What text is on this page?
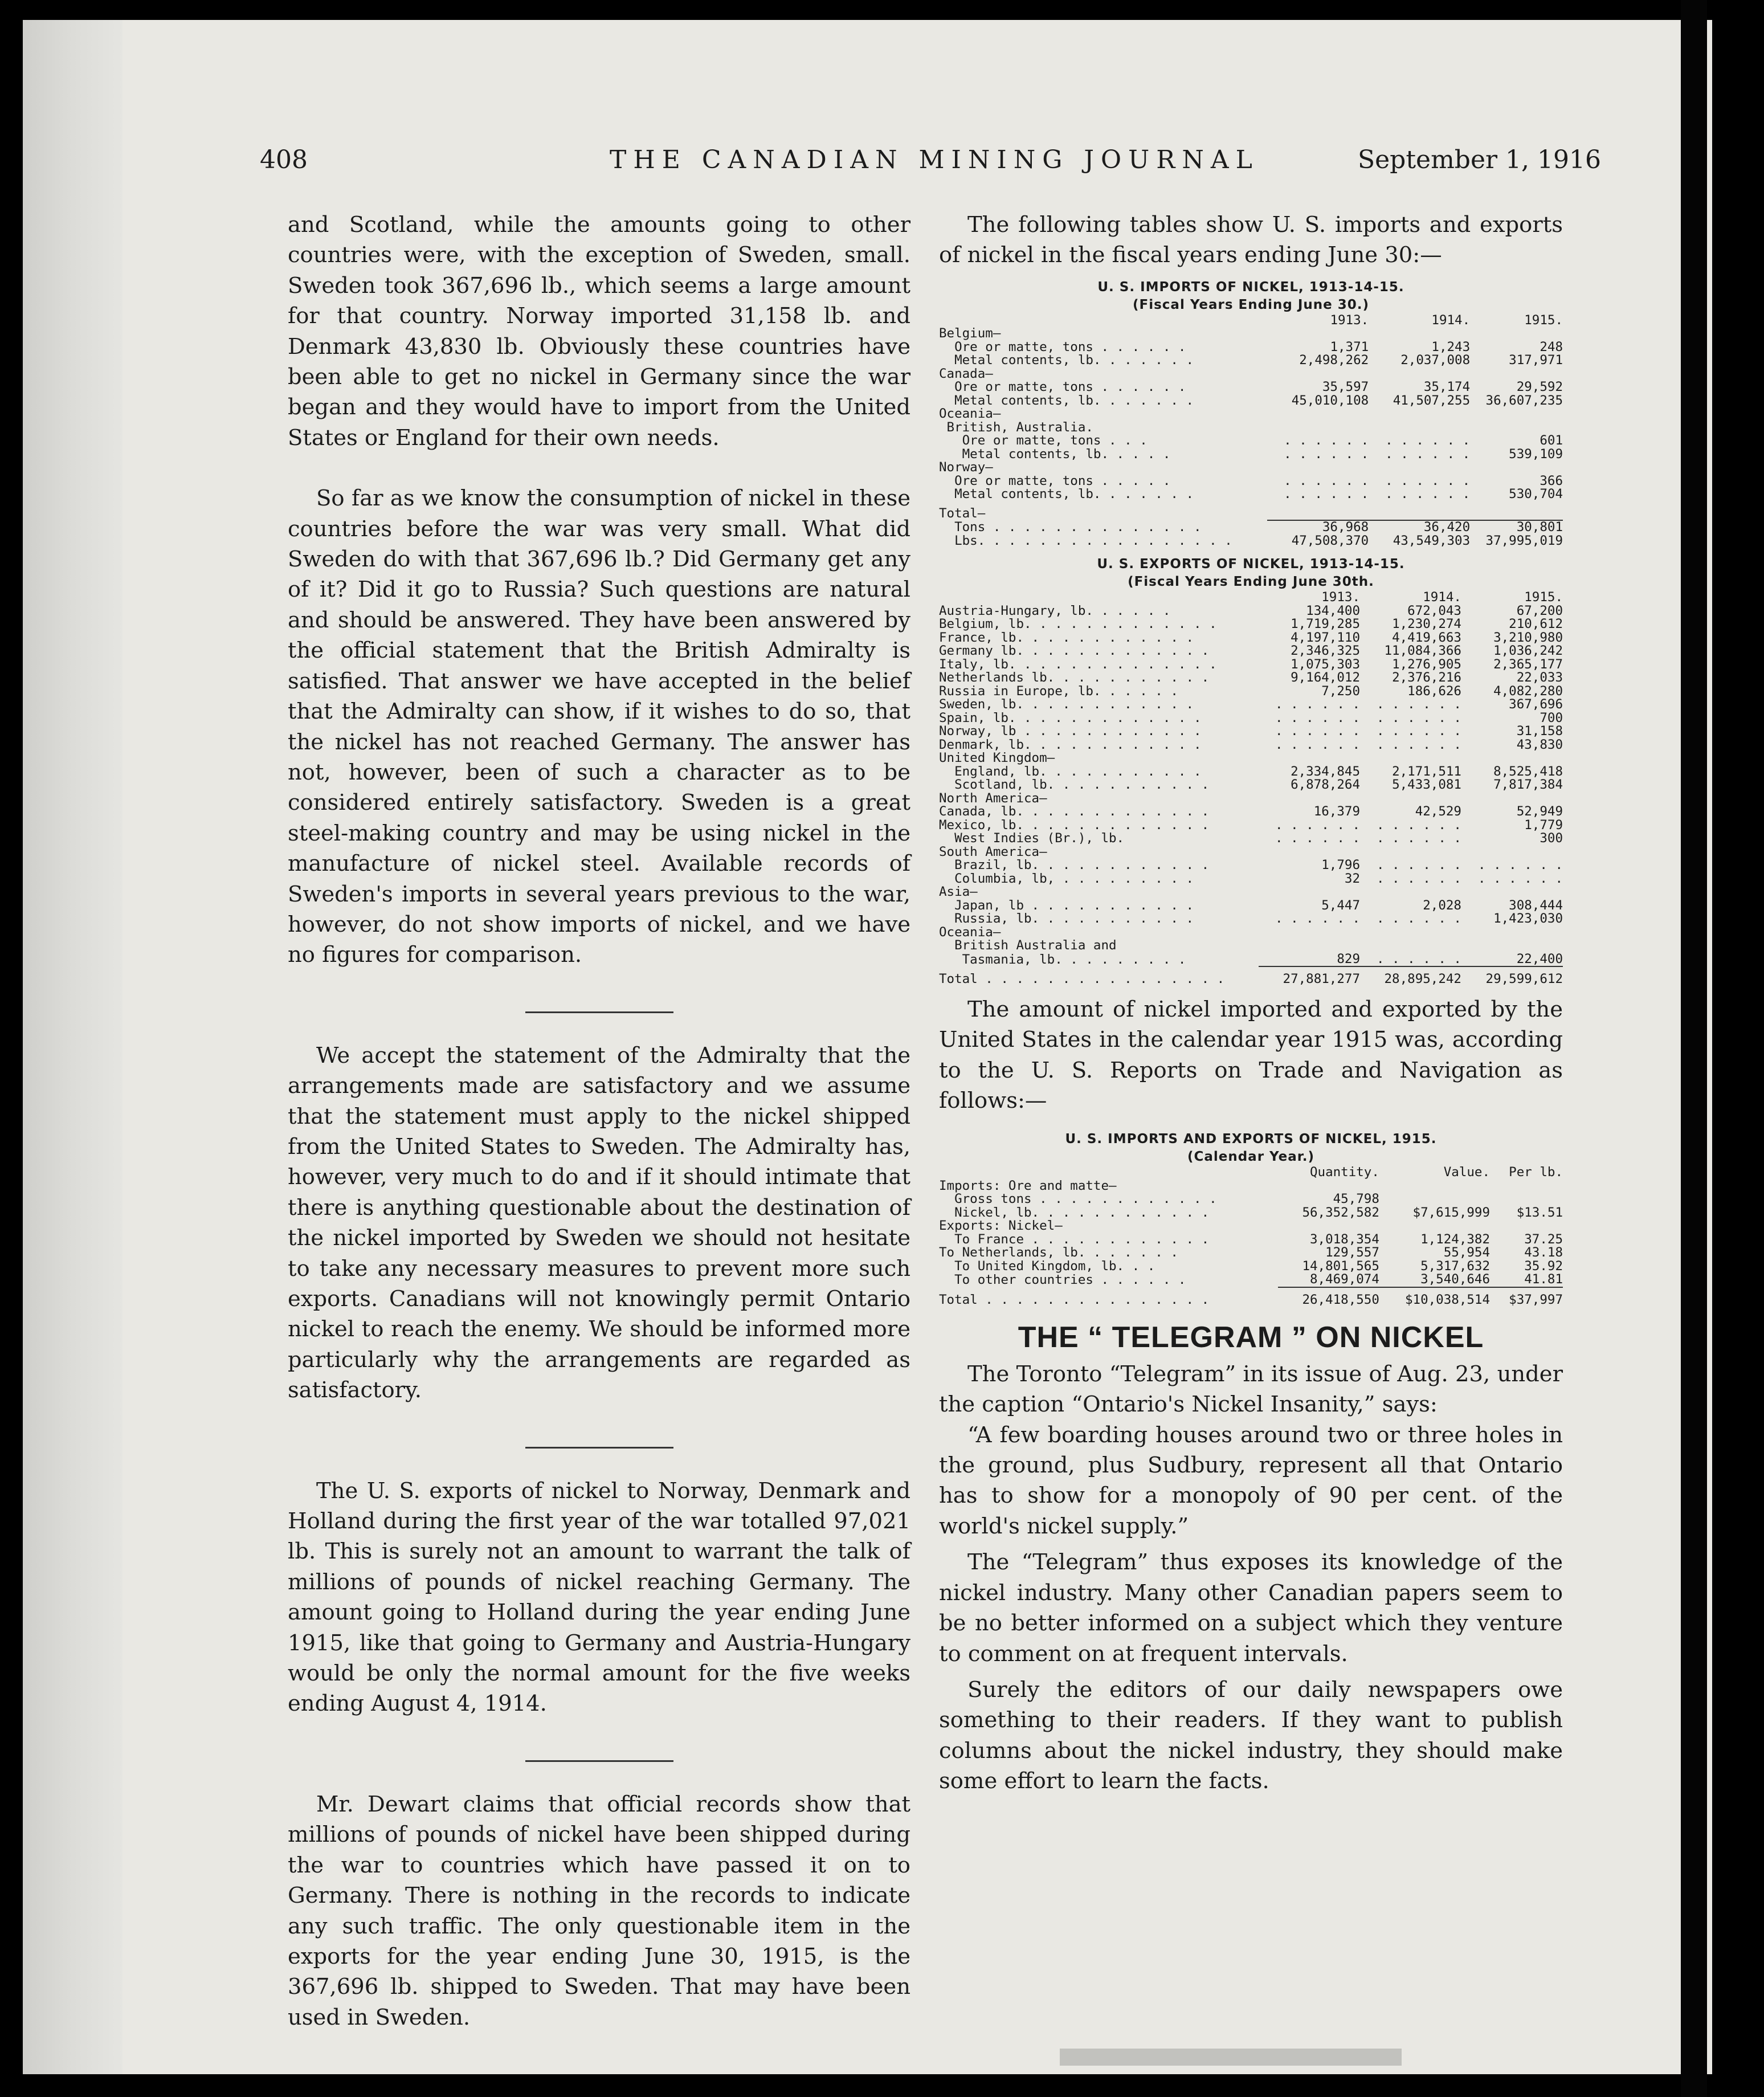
408	THE CANADIAN MINING JOURNAL	September 1, 1916

and Scotland, while the amounts going to other countries were, with the exception of Sweden, small. Sweden took 367,696 lb., which seems a large amount for that country. Norway imported 31,158 lb. and Denmark 43,830 lb. Obviously these countries have been able to get no nickel in Germany since the war began and they would have to import from the United States or England for their own needs.

So far as we know the consumption of nickel in these countries before the war was very small. What did Sweden do with that 367,696 lb.? Did Germany get any of it? Did it go to Russia? Such questions are natural and should be answered. They have been answered by the official statement that the British Admiralty is satisfied. That answer we have accepted in the belief that the Admiralty can show, if it wishes to do so, that the nickel has not reached Germany. The answer has not, however, been of such a character as to be considered entirely satisfactory. Sweden is a great steel-making country and may be using nickel in the manufacture of nickel steel. Available records of Sweden's imports in several years previous to the war, however, do not show imports of nickel, and we have no figures for comparison.

We accept the statement of the Admiralty that the arrangements made are satisfactory and we assume that the statement must apply to the nickel shipped from the United States to Sweden. The Admiralty has, however, very much to do and if it should intimate that there is anything questionable about the destination of the nickel imported by Sweden we should not hesitate to take any necessary measures to prevent more such exports. Canadians will not knowingly permit Ontario nickel to reach the enemy. We should be informed more particularly why the arrangements are regarded as satisfactory.

The U. S. exports of nickel to Norway, Denmark and Holland during the first year of the war totalled 97,021 lb. This is surely not an amount to warrant the talk of millions of pounds of nickel reaching Germany. The amount going to Holland during the year ending June 1915, like that going to Germany and Austria-Hungary would be only the normal amount for the five weeks ending August 4, 1914.

Mr. Dewart claims that official records show that millions of pounds of nickel have been shipped during the war to countries which have passed it on to Germany. There is nothing in the records to indicate any such traffic. The only questionable item in the exports for the year ending June 30, 1915, is the 367,696 lb. shipped to Sweden. That may have been used in Sweden.

The following tables show U. S. imports and exports of nickel in the fiscal years ending June 30:—

U. S. IMPORTS OF NICKEL, 1913-14-15.
(Fiscal Years Ending June 30.)
	1913.	1914.	1915.
Belgium—			
Ore or matte, tons . . . . . .	1,371	1,243	248
Metal contents, lb. . . . . . .	2,498,262	2,037,008	317,971
Canada—			
Ore or matte, tons . . . . . .	35,597	35,174	29,592
Metal contents, lb. . . . . . .	45,010,108	41,507,255	36,607,235
Oceania—			
British, Australia.			
Ore or matte, tons . . .	. . . . . .	. . . . . .	601
Metal contents, lb. . . . .	. . . . . .	. . . . . .	539,109
Norway—			
Ore or matte, tons . . . . .	. . . . . .	. . . . . .	366
Metal contents, lb. . . . . . .	. . . . . .	. . . . . .	530,704
Total—			
Tons . . . . . . . . . . . . . .	36,968	36,420	30,801
Lbs. . . . . . . . . . . . . . . . .	47,508,370	43,549,303	37,995,019
U. S. EXPORTS OF NICKEL, 1913-14-15.
(Fiscal Years Ending June 30th.
	1913.	1914.	1915.
Austria-Hungary, lb. . . . . .	134,400	672,043	67,200
Belgium, lb. . . . . . . . . . . . .	1,719,285	1,230,274	210,612
France, lb. . . . . . . . . . . .	4,197,110	4,419,663	3,210,980
Germany lb. . . . . . . . . . . . .	2,346,325	11,084,366	1,036,242
Italy, lb. . . . . . . . . . . . . .	1,075,303	1,276,905	2,365,177
Netherlands lb. . . . . . . . . . .	9,164,012	2,376,216	22,033
Russia in Europe, lb. . . . . .	7,250	186,626	4,082,280
Sweden, lb. . . . . . . . . . . .	. . . . . .	. . . . . .	367,696
Spain, lb. . . . . . . . . . . . .	. . . . . .	. . . . . .	700
Norway, lb . . . . . . . . . . . .	. . . . . .	. . . . . .	31,158
Denmark, lb. . . . . . . . . . . .	. . . . . .	. . . . . .	43,830
United Kingdom—			
England, lb. . . . . . . . . . .	2,334,845	2,171,511	8,525,418
Scotland, lb. . . . . . . . . . .	6,878,264	5,433,081	7,817,384
North America—			
Canada, lb. . . . . . . . . . . . .	16,379	42,529	52,949
Mexico, lb. . . . . . . . . . . . .	. . . . . .	. . . . . .	1,779
West Indies (Br.), lb.	. . . . . .	. . . . . .	300
South America—			
Brazil, lb. . . . . . . . . . . .	1,796	. . . . . .	. . . . . .
Columbia, lb, . . . . . . . . .	32	. . . . . .	. . . . . .
Asia—			
Japan, lb . . . . . . . . . . .	5,447	2,028	308,444
Russia, lb. . . . . . . . . . .	. . . . . .	. . . . . .	1,423,030
Oceania—			
British Australia and			
Tasmania, lb. . . . . . . . .	829	. . . . . .	22,400
Total . . . . . . . . . . . . . . . .	27,881,277	28,895,242	29,599,612

The amount of nickel imported and exported by the United States in the calendar year 1915 was, according to the U. S. Reports on Trade and Navigation as follows:—

U. S. IMPORTS AND EXPORTS OF NICKEL, 1915.
(Calendar Year.)
	Quantity.	Value.	Per lb.
Imports: Ore and matte—			
Gross tons . . . . . . . . . . . .	45,798		
Nickel, lb. . . . . . . . . . . .	56,352,582	$7,615,999	$13.51
Exports: Nickel—			
To France . . . . . . . . . . . .	3,018,354	1,124,382	37.25
To Netherlands, lb. . . . . . .	129,557	55,954	43.18
To United Kingdom, lb. . .	14,801,565	5,317,632	35.92
To other countries . . . . . .	8,469,074	3,540,646	41.81
Total . . . . . . . . . . . . . . .	26,418,550	$10,038,514	$37,997
THE “ TELEGRAM ” ON NICKEL

The Toronto “Telegram” in its issue of Aug. 23, under the caption “Ontario's Nickel Insanity,” says:

“A few boarding houses around two or three holes in the ground, plus Sudbury, represent all that Ontario has to show for a monopoly of 90 per cent. of the world's nickel supply.”

The “Telegram” thus exposes its knowledge of the nickel industry. Many other Canadian papers seem to be no better informed on a subject which they venture to comment on at frequent intervals.

Surely the editors of our daily newspapers owe something to their readers. If they want to publish columns about the nickel industry, they should make some effort to learn the facts.
